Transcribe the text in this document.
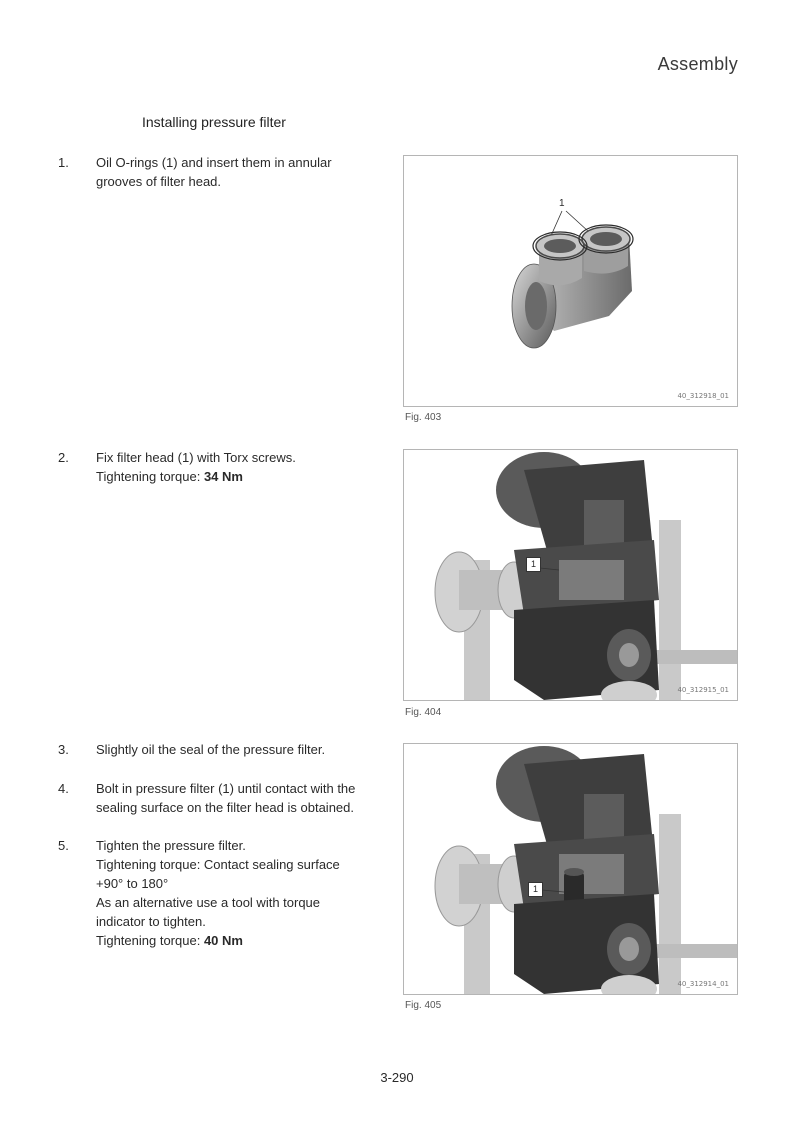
Assembly
Installing pressure filter
1.	Oil O-rings (1) and insert them in annular
grooves of filter head.
2.	Fix filter head (1) with Torx screws.
Tightening torque: 34 Nm
3.	Slightly oil the seal of the pressure filter.
4.	Bolt in pressure filter (1) until contact with the
sealing surface on the filter head is obtained.
5.	Tighten the pressure filter.
Tightening torque: Contact sealing surface
+90° to 180°
As an alternative use a tool with torque
indicator to tighten.
Tightening torque: 40 Nm
1
40_312918_01
Fig. 403
1
40_312915_01
Fig. 404
1
40_312914_01
Fig. 405
3-290
